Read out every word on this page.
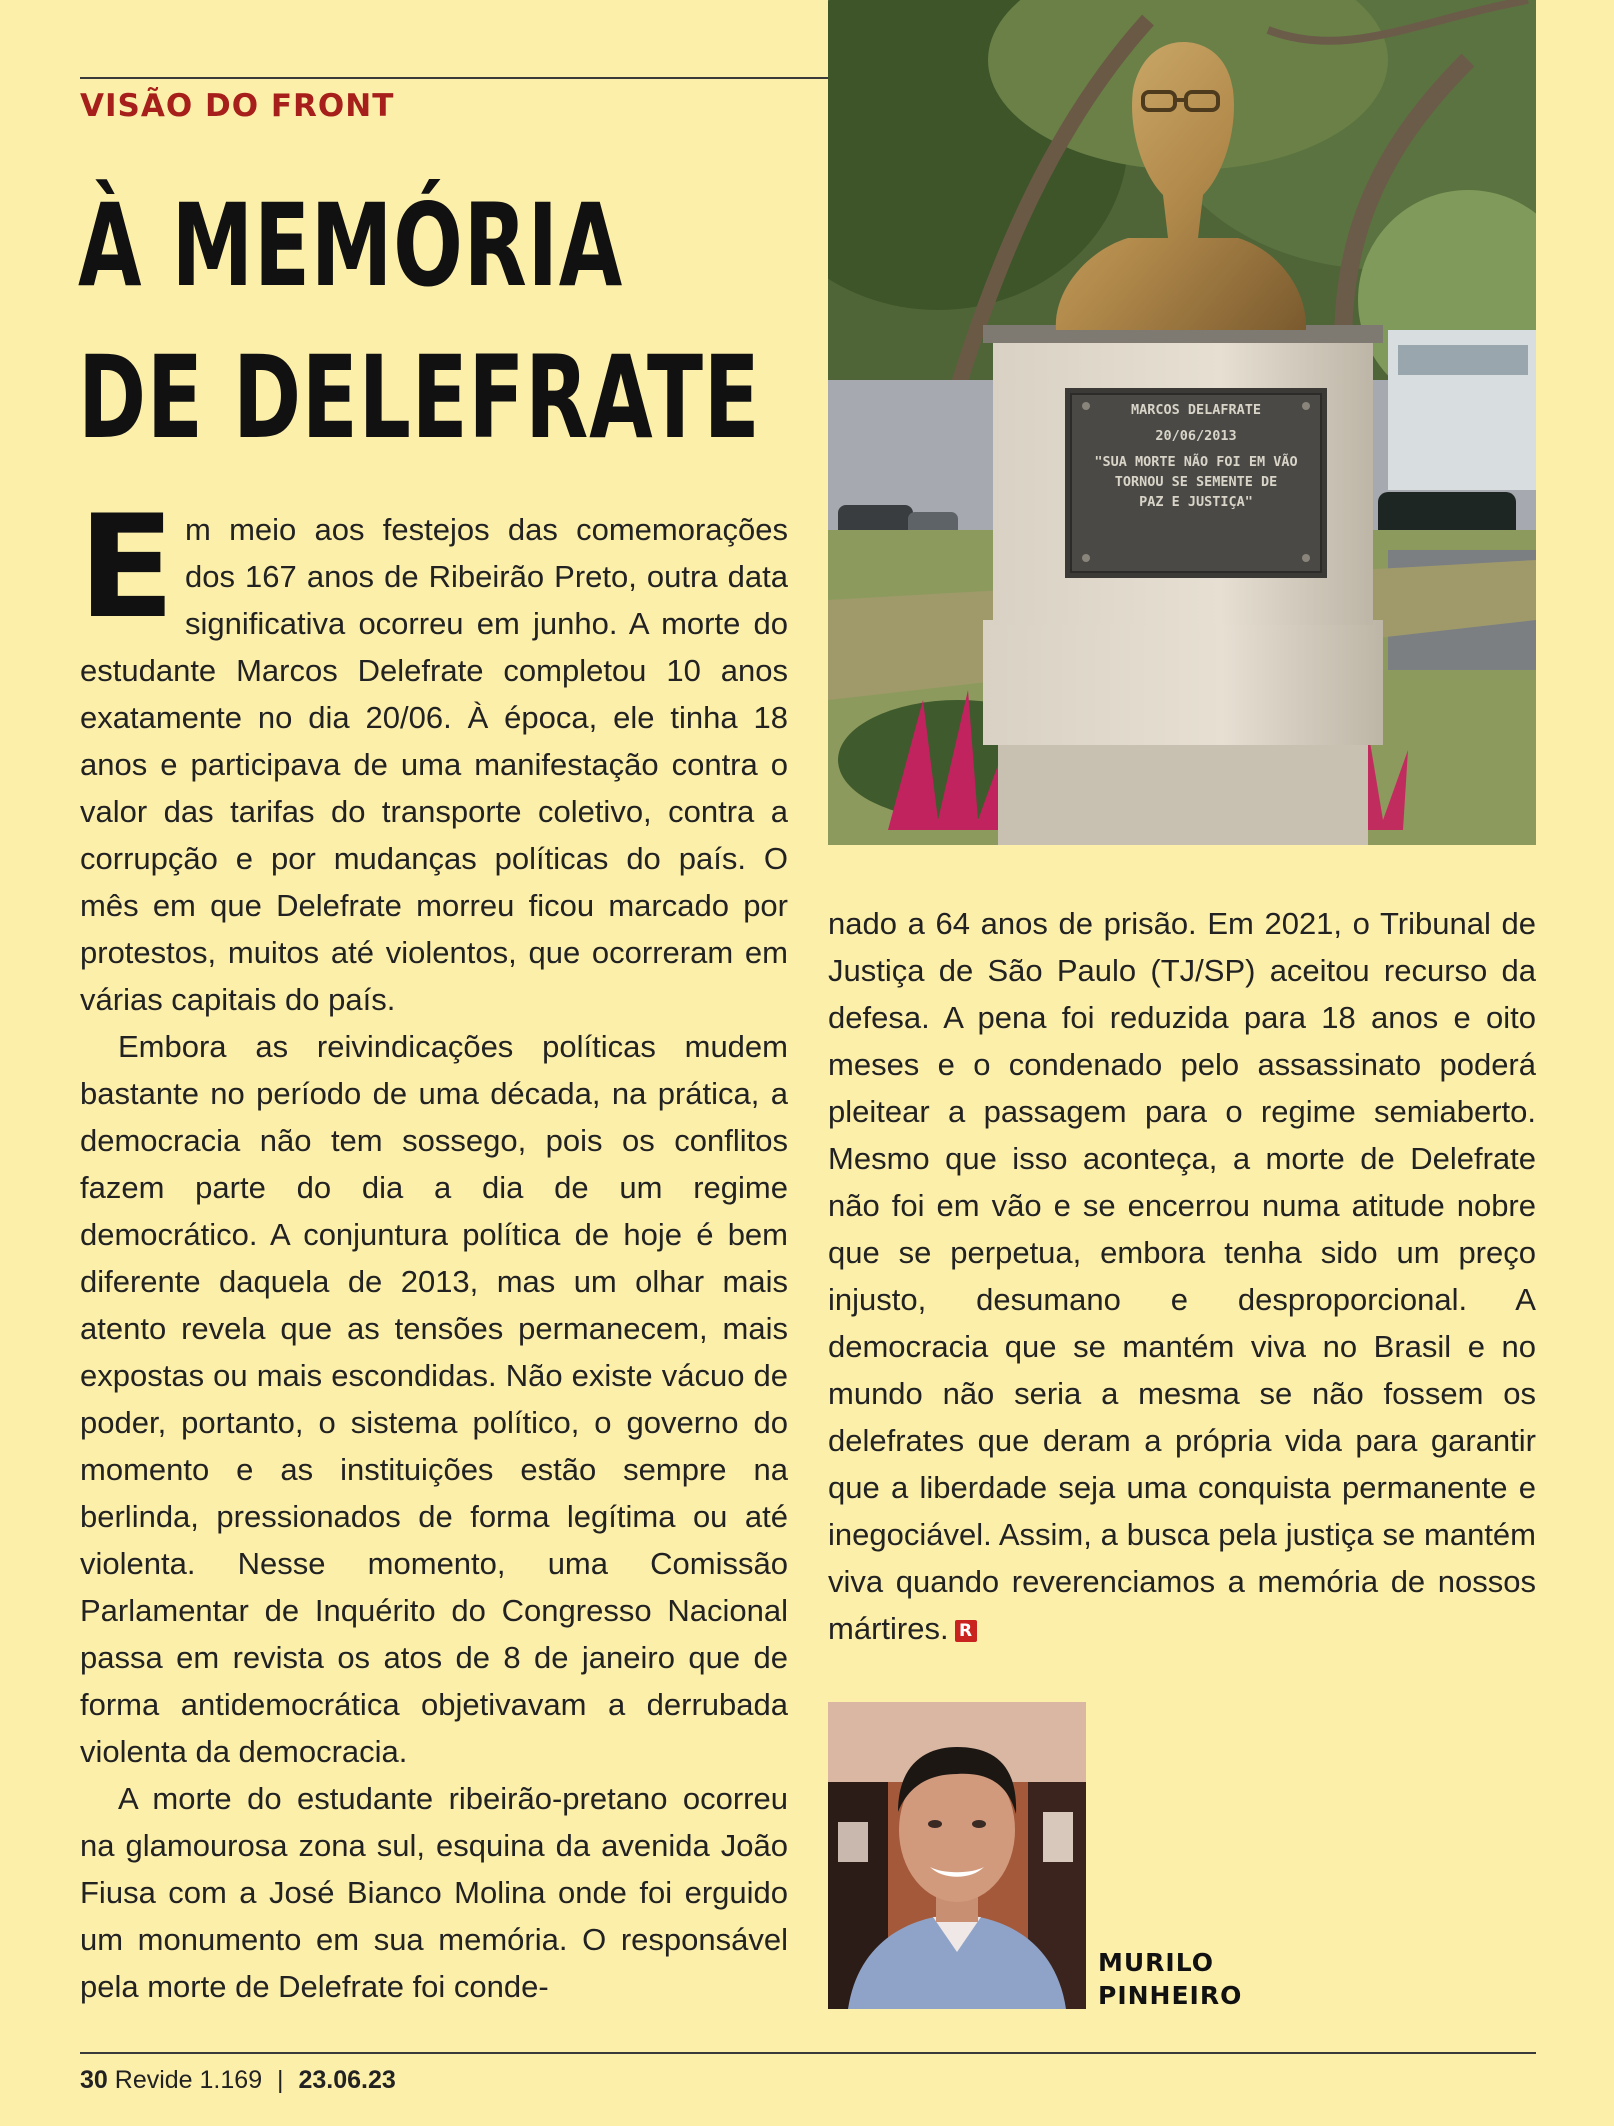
VISÃO DO FRONT
À MEMÓRIA
DE DELEFRATE

Em meio aos festejos das comemorações dos 167 anos de Ribeirão Preto, outra data significativa ocorreu em junho. A morte do estudante Marcos Delefrate completou 10 anos exatamente no dia 20/06. À época, ele tinha 18 anos e participava de uma manifestação contra o valor das tarifas do transporte coletivo, contra a corrupção e por mudanças políticas do país. O mês em que Delefrate morreu ficou marcado por protestos, muitos até violentos, que ocorreram em várias capitais do país.

Embora as reivindicações políticas mudem bastante no período de uma década, na prática, a democracia não tem sossego, pois os conflitos fazem parte do dia a dia de um regime democrático. A conjuntura política de hoje é bem diferente daquela de 2013, mas um olhar mais atento revela que as tensões permanecem, mais expostas ou mais escondidas. Não existe vácuo de poder, portanto, o sistema político, o governo do momento e as instituições estão sempre na berlinda, pressionados de forma legítima ou até violenta. Nesse momento, uma Comissão Parlamentar de Inquérito do Congresso Nacional passa em revista os atos de 8 de janeiro que de forma antidemocrática objetivavam a derrubada violenta da democracia.

A morte do estudante ribeirão-pretano ocorreu na glamourosa zona sul, esquina da avenida João Fiusa com a José Bianco Molina onde foi erguido um monumento em sua memória. O responsável pela morte de Delefrate foi conde-

MARCOS DELAFRATE
20/06/2013
"SUA MORTE NÃO FOI EM VÃO
TORNOU SE SEMENTE DE
PAZ E JUSTIÇA"

nado a 64 anos de prisão. Em 2021, o Tribunal de Justiça de São Paulo (TJ/SP) aceitou recurso da defesa. A pena foi reduzida para 18 anos e oito meses e o condenado pelo assassinato poderá pleitear a passagem para o regime semiaberto. Mesmo que isso aconteça, a morte de Delefrate não foi em vão e se encerrou numa atitude nobre que se perpetua, embora tenha sido um preço injusto, desumano e desproporcional. A democracia que se mantém viva no Brasil e no mundo não seria a mesma se não fossem os delefrates que deram a própria vida para garantir que a liberdade seja uma conquista permanente e inegociável. Assim, a busca pela justiça se mantém viva quando reverenciamos a memória de nossos mártires. R

MURILO
PINHEIRO
30 Revide 1.169 | 23.06.23
